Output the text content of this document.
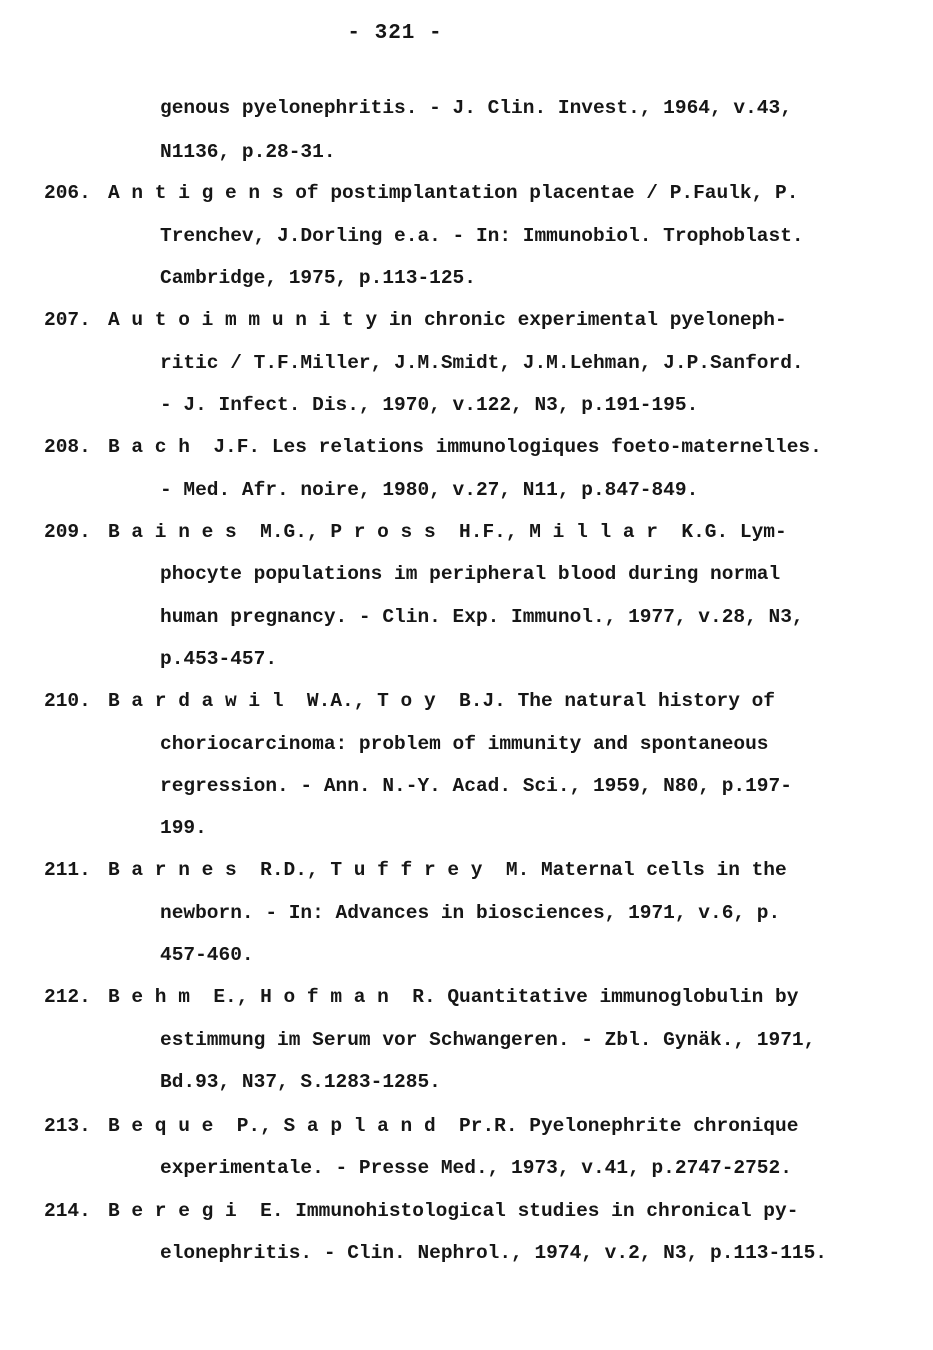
- 321 -
genous pyelonephritis. - J. Clin. Invest., 1964, v.43,
N1136, p.28-31.
206. A n t i g e n s of postimplantation placentae / P.Faulk, P.
Trenchev, J.Dorling e.a. - In: Immunobiol. Trophoblast.
Cambridge, 1975, p.113-125.
207. A u t o i m m u n i t y in chronic experimental pyeloneph-
ritic / T.F.Miller, J.M.Smidt, J.M.Lehman, J.P.Sanford.
- J. Infect. Dis., 1970, v.122, N3, p.191-195.
208. B a c h  J.F. Les relations immunologiques foeto-maternelles.
- Med. Afr. noire, 1980, v.27, N11, p.847-849.
209. B a i n e s  M.G., P r o s s  H.F., M i l l a r  K.G. Lym-
phocyte populations im peripheral blood during normal
human pregnancy. - Clin. Exp. Immunol., 1977, v.28, N3,
p.453-457.
210. B a r d a w i l  W.A., T o y  B.J. The natural history of
choriocarcinoma: problem of immunity and spontaneous
regression. - Ann. N.-Y. Acad. Sci., 1959, N80, p.197-
199.
211. B a r n e s  R.D., T u f f r e y  M. Maternal cells in the
newborn. - In: Advances in biosciences, 1971, v.6, p.
457-460.
212. B e h m  E., H o f m a n  R. Quantitative immunoglobulin by
estimmung im Serum vor Schwangeren. - Zbl. Gynäk., 1971,
Bd.93, N37, S.1283-1285.
213. B e q u e  P., S a p l a n d  Pr.R. Pyelonephrite chronique
experimentale. - Presse Med., 1973, v.41, p.2747-2752.
214. B e r e g i  E. Immunohistological studies in chronical py-
elonephritis. - Clin. Nephrol., 1974, v.2, N3, p.113-115.
